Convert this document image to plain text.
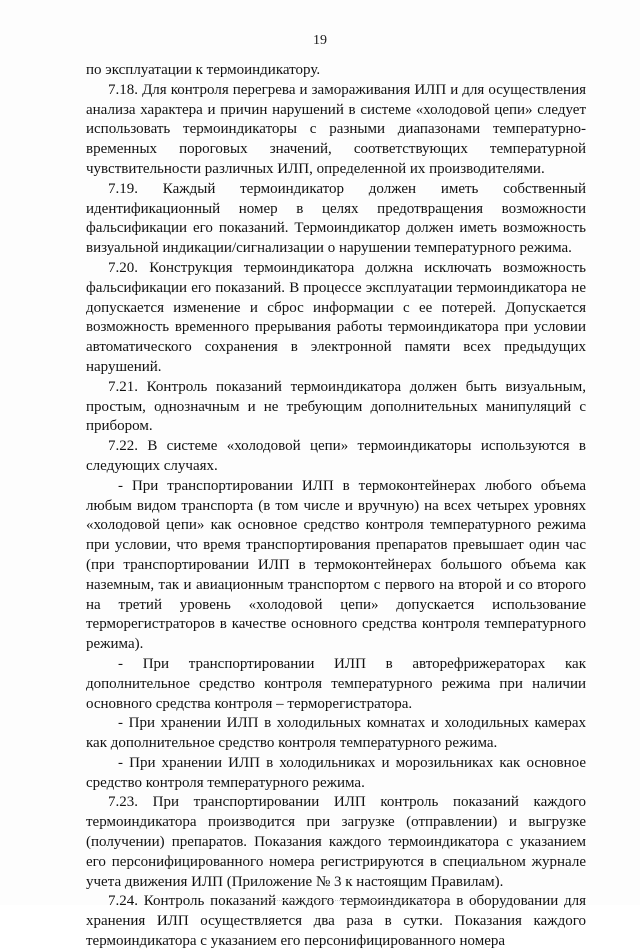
19

по эксплуатации к термоиндикатору.

7.18. Для контроля перегрева и замораживания ИЛП и для осуществления анализа характера и причин нарушений в системе «холодовой цепи» следует использовать термоиндикаторы с разными диапазонами температурно-временных пороговых значений, соответствующих температурной чувствительности различных ИЛП, определенной их производителями.

7.19. Каждый термоиндикатор должен иметь собственный идентификационный номер в целях предотвращения возможности фальсификации его показаний. Термоиндикатор должен иметь возможность визуальной индикации/сигнализации о нарушении температурного режима.

7.20. Конструкция термоиндикатора должна исключать возможность фальсификации его показаний. В процессе эксплуатации термоиндикатора не допускается изменение и сброс информации с ее потерей. Допускается возможность временного прерывания работы термоиндикатора при условии автоматического сохранения в электронной памяти всех предыдущих нарушений.

7.21. Контроль показаний термоиндикатора должен быть визуальным, простым, однозначным и не требующим дополнительных манипуляций с прибором.

7.22. В системе «холодовой цепи» термоиндикаторы используются в следующих случаях.

- При транспортировании ИЛП в термоконтейнерах любого объема любым видом транспорта (в том числе и вручную) на всех четырех уровнях «холодовой цепи» как основное средство контроля температурного режима при условии, что время транспортирования препаратов превышает один час (при транспортировании ИЛП в термоконтейнерах большого объема как наземным, так и авиационным транспортом с первого на второй и со второго на третий уровень «холодовой цепи» допускается использование терморегистраторов в качестве основного средства контроля температурного режима).

- При транспортировании ИЛП в авторефрижераторах как дополнительное средство контроля температурного режима при наличии основного средства контроля – терморегистратора.

- При хранении ИЛП в холодильных комнатах и холодильных камерах как дополнительное средство контроля температурного режима.

- При хранении ИЛП в холодильниках и морозильниках как основное средство контроля температурного режима.

7.23. При транспортировании ИЛП контроль показаний каждого термоиндикатора производится при загрузке (отправлении) и выгрузке (получении) препаратов. Показания каждого термоиндикатора с указанием его персонифицированного номера регистрируются в специальном журнале учета движения ИЛП (Приложение № 3 к настоящим Правилам).

7.24. Контроль показаний каждого термоиндикатора в оборудовании для хранения ИЛП осуществляется два раза в сутки. Показания каждого термоиндикатора с указанием его персонифицированного номера
